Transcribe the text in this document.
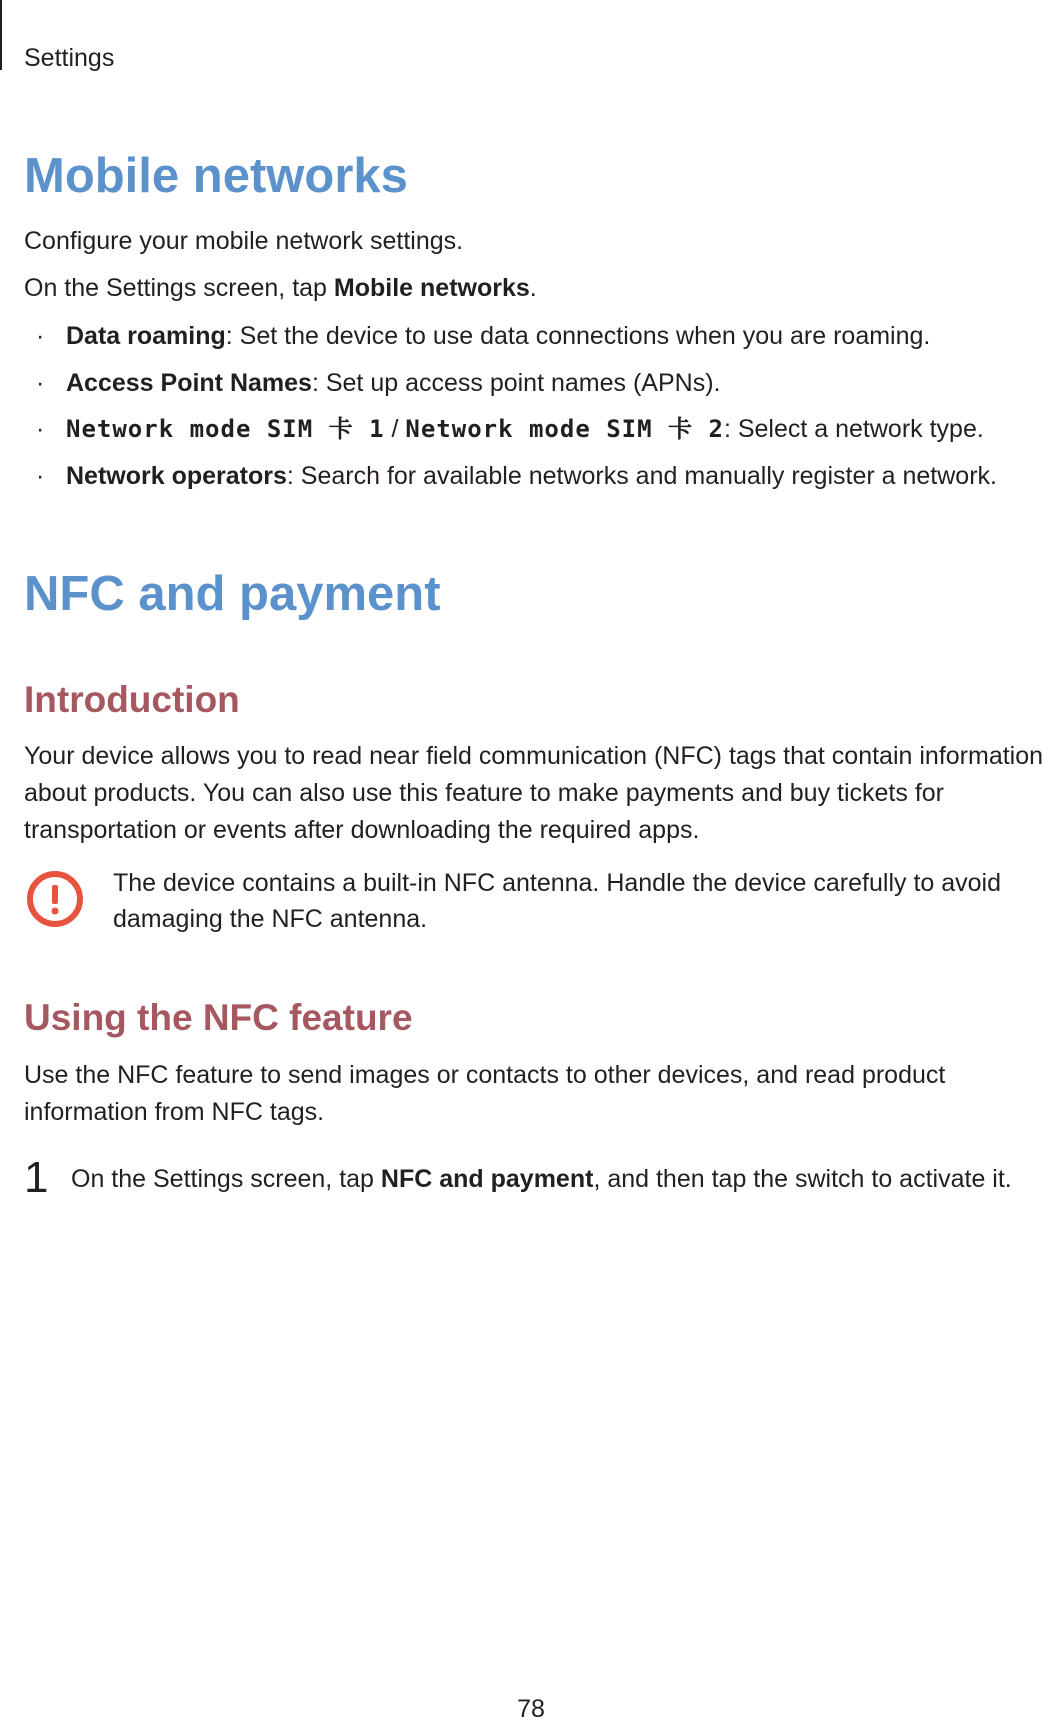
Settings
Mobile networks

Configure your mobile network settings.

On the Settings screen, tap Mobile networks.

· Data roaming: Set the device to use data connections when you are roaming.
· Access Point Names: Set up access point names (APNs).
· Network mode SIM 卡 1 / Network mode SIM 卡 2: Select a network type.
· Network operators: Search for available networks and manually register a network.
NFC and payment
Introduction

Your device allows you to read near field communication (NFC) tags that contain information about products. You can also use this feature to make payments and buy tickets for transportation or events after downloading the required apps.

The device contains a built-in NFC antenna. Handle the device carefully to avoid
damaging the NFC antenna.
Using the NFC feature
Use the NFC feature to send images or contacts to other devices, and read product
information from NFC tags.
1 On the Settings screen, tap NFC and payment, and then tap the switch to activate it.
78
